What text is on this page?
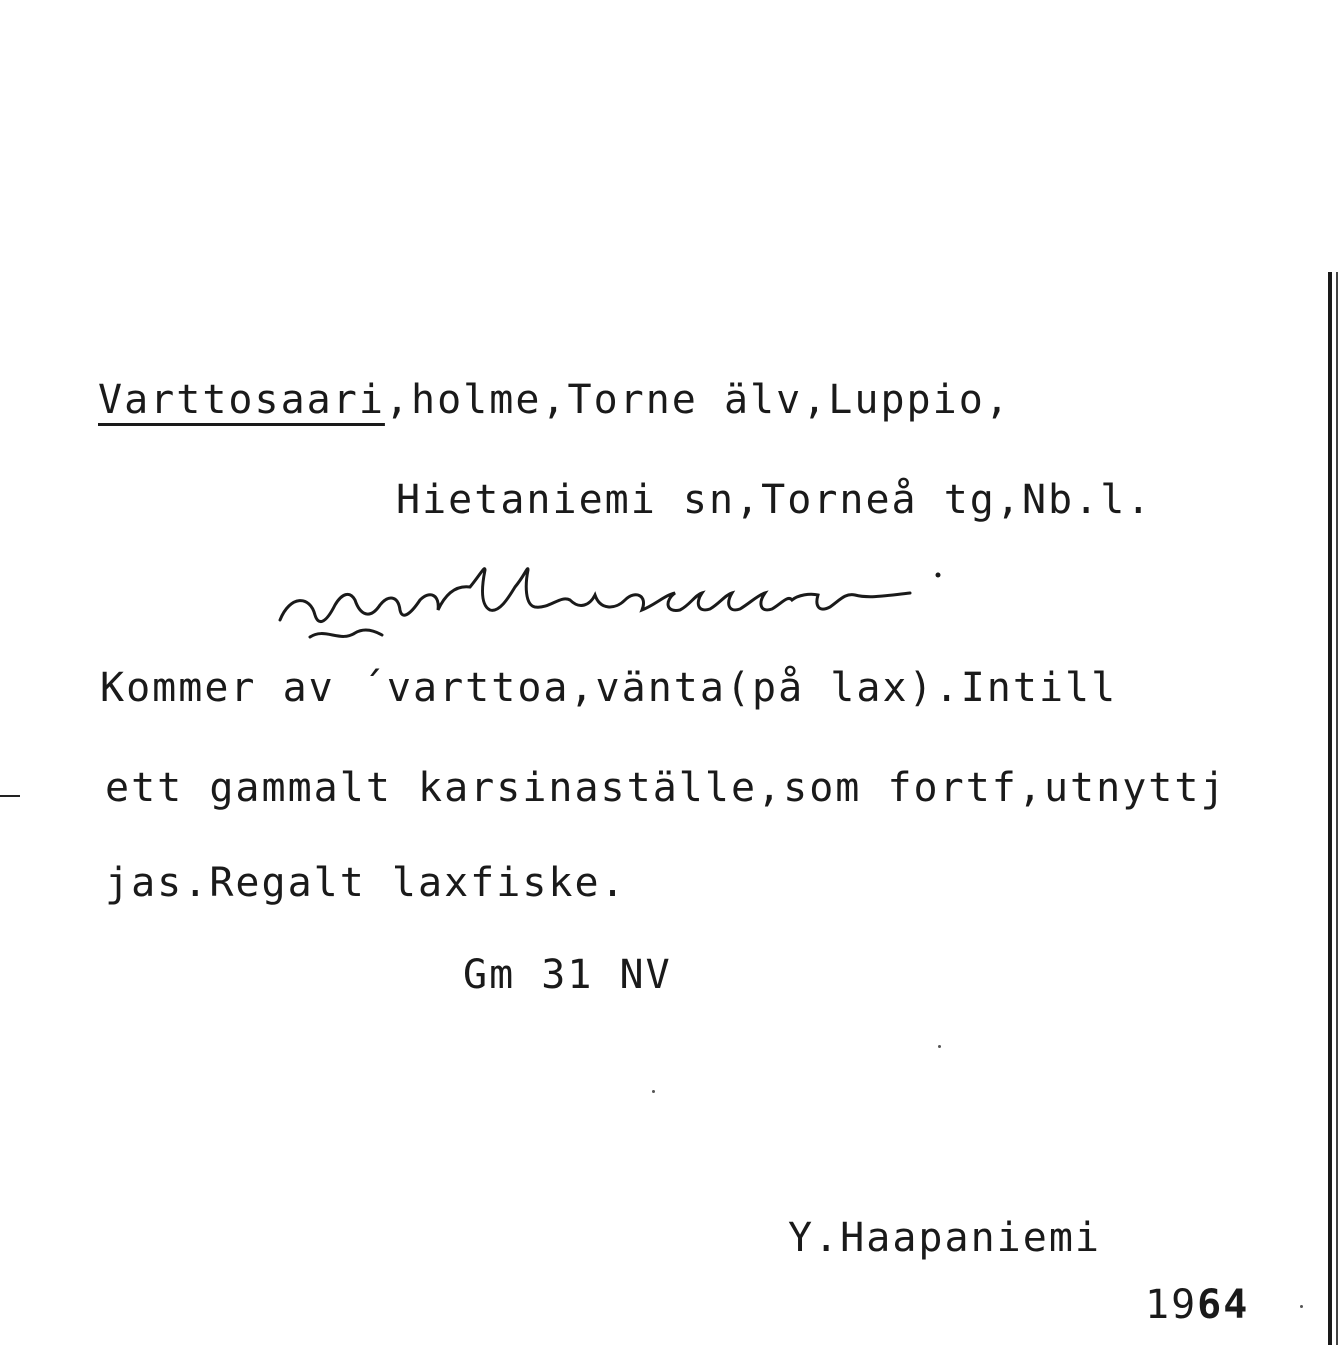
Varttosaari,holme,Torne älv,Luppio,
Hietaniemi sn,Torneå tg,Nb.l.
Kommer av ´varttoa,vänta(på lax).Intill
ett gammalt karsinaställe,som fortf,utnyttj
jas.Regalt laxfiske.
Gm 31 NV
Y.Haapaniemi
1964
